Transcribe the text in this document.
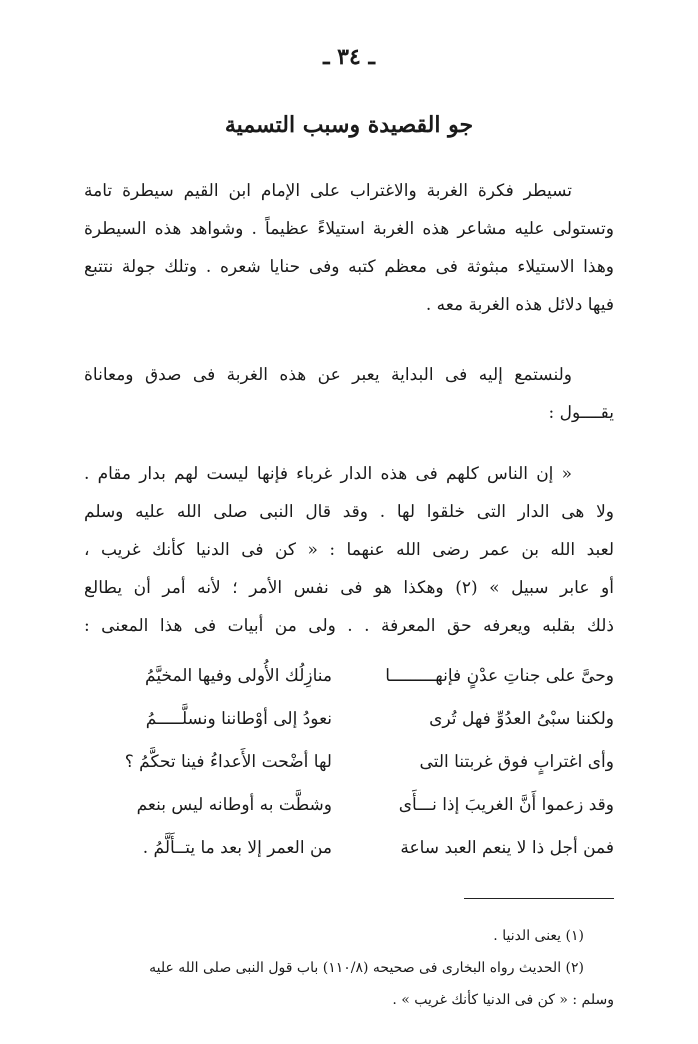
ـ ٣٤ ـ
جو القصيدة وسبب التسمية
تسيطر فكرة الغربة والاغتراب على الإمام ابن القيم سيطرة تامة
وتستولى عليه مشاعر هذه الغربة استيلاءً عظيماً . وشواهد هذه السيطرة
وهذا الاستيلاء مبثوثة فى معظم كتبه وفى حنايا شعره . وتلك جولة نتتبع
فيها دلائل هذه الغربة معه .
ولنستمع إليه فى البداية يعبر عن هذه الغربة فى صدق ومعاناة
يقــــول :
« إن الناس كلهم فى هذه الدار غرباء فإنها ليست لهم بدار مقام .
ولا هى الدار التى خلقوا لها . وقد قال النبى صلى الله عليه وسلم
لعبد الله بن عمر رضى الله عنهما : « كن فى الدنيا كأنك غريب ،
أو عابر سبيل » (٢) وهكذا هو فى نفس الأمر ؛ لأنه أمر أن يطالع
ذلك بقلبه ويعرفه حق المعرفة . . ولى من أبيات فى هذا المعنى :
وحىَّ على جناتِ عدْنٍ فإنهـــــــــا
منازِلُك الأُولى وفيها المخيَّمُ
ولكننا سبْىُ العدُوِّ فهل تُرى
نعودُ إلى أوْطاننا ونسلَّـــــمُ
وأى اغترابٍ فوق غربتنا التى
لها أضْحت الأَعداءُ فينا تحكَّمُ ؟
وقد زعموا أَنَّ الغريبَ إذا نـــأَى
وشطَّت به أوطانه ليس بنعم
فمن أجل ذا لا ينعم العبد ساعة
من العمر إلا بعد ما يتــأَلَّمُ .
(١) يعنى الدنيا .
(٢) الحديث رواه البخارى فى صحيحه (١١٠/٨) باب قول النبى صلى الله عليه
وسلم : « كن فى الدنيا كأنك غريب » .
